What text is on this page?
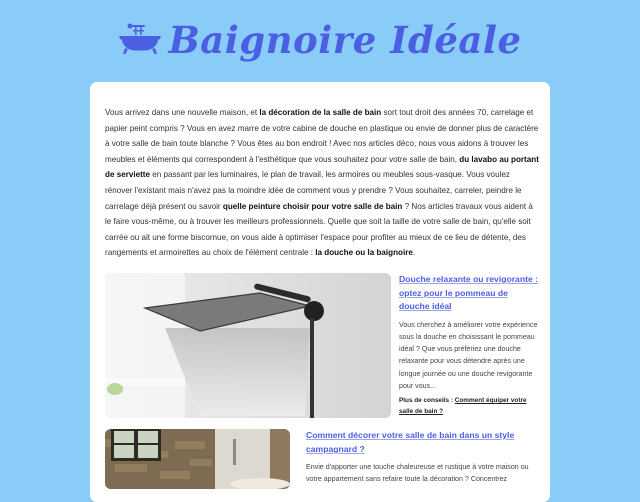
Baignoire Idéale

Vous arrivez dans une nouvelle maison, et la décoration de la salle de bain sort tout droit des années 70, carrelage et papier peint compris ? Vous en avez marre de votre cabine de douche en plastique ou envie de donner plus de caractère à votre salle de bain toute blanche ? Vous êtes au bon endroit ! Avec nos articles déco, nous vous aidons à trouver les meubles et éléments qui correspondent à l'esthétique que vous souhaitez pour votre salle de bain, du lavabo au portant de serviette en passant par les luminaires, le plan de travail, les armoires ou meubles sous-vasque. Vous voulez rénover l'existant mais n'avez pas la moindre idée de comment vous y prendre ? Vous souhaitez, carreler, peindre le carrelage déjà présent ou savoir quelle peinture choisir pour votre salle de bain ? Nos articles travaux vous aident à le faire vous-même, ou à trouver les meilleurs professionnels. Quelle que soit la taille de votre salle de bain, qu'elle soit carrée ou ait une forme biscornue, on vous aide à optimiser l'espace pour profiter au mieux de ce lieu de détente, des rangements et armoirettes au choix de l'élément centrale : la douche ou la baignoire.

Douche relaxante ou revigorante : optez pour le pommeau de douche idéal

Vous cherchez à améliorer votre expérience sous la douche en choisissant le pommeau idéal ? Que vous préfériez une douche relaxante pour vous détendre après une longue journée ou une douche revigorante pour vous...

Plus de conseils : Comment équiper votre salle de bain ?

Comment décorer votre salle de bain dans un style campagnard ?

Envie d'apporter une touche chaleureuse et rustique à votre maison ou votre appartement sans refaire toute la décoration ? Concentrez
